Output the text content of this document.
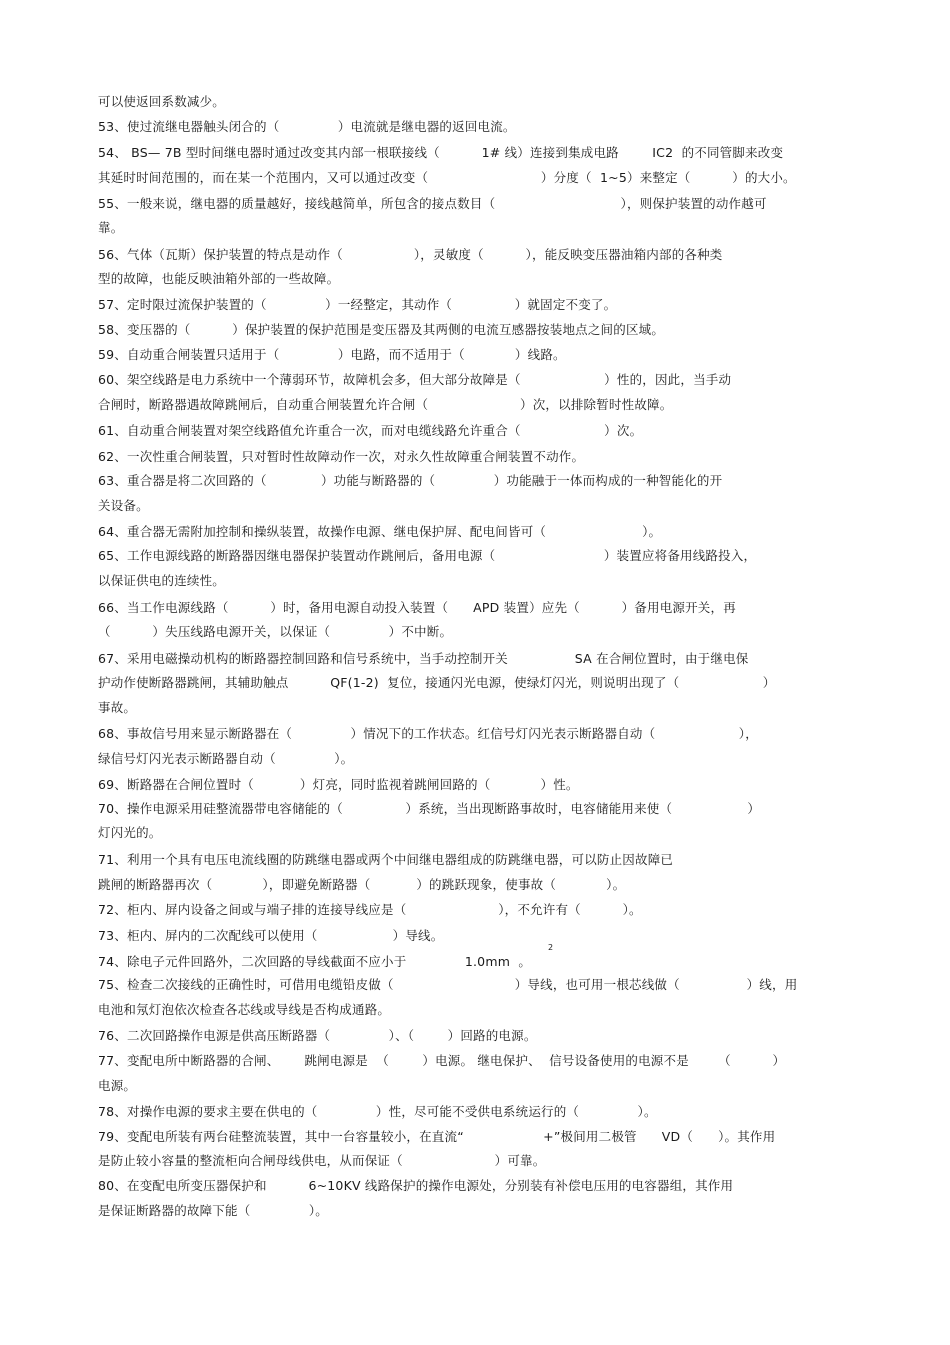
可以使返回系数减少。
53、使过流继电器触头闭合的（              ）电流就是继电器的返回电流。
54、 BS— 7B 型时间继电器时通过改变其内部一根联接线（          1# 线）连接到集成电路        IC2  的不同管脚来改变
其延时时间范围的，而在某一个范围内，又可以通过改变（                           ）分度（  1~5）来整定（          ）的大小。
55、一般来说，继电器的质量越好，接线越简单，所包含的接点数目（                              ），则保护装置的动作越可
靠。
56、气体（瓦斯）保护装置的特点是动作（                 ），灵敏度（          ），能反映变压器油箱内部的各种类
型的故障，也能反映油箱外部的一些故障。
57、定时限过流保护装置的（              ）一经整定，其动作（               ）就固定不变了。
58、变压器的（          ）保护装置的保护范围是变压器及其两侧的电流互感器按装地点之间的区域。
59、自动重合闸装置只适用于（              ）电路，而不适用于（            ）线路。
60、架空线路是电力系统中一个薄弱环节，故障机会多，但大部分故障是（                    ）性的，因此，当手动
合闸时，断路器遇故障跳闸后，自动重合闸装置允许合闸（                      ）次，以排除暂时性故障。
61、自动重合闸装置对架空线路值允许重合一次，而对电缆线路允许重合（                    ）次。
62、一次性重合闸装置，只对暂时性故障动作一次，对永久性故障重合闸装置不动作。
63、重合器是将二次回路的（             ）功能与断路器的（              ）功能融于一体而构成的一种智能化的开
关设备。
64、重合器无需附加控制和操纵装置，故操作电源、继电保护屏、配电间皆可（                       ）。
65、工作电源线路的断路器因继电器保护装置动作跳闸后，备用电源（                          ）装置应将备用线路投入，
以保证供电的连续性。
66、当工作电源线路（          ）时，备用电源自动投入装置（      APD 装置）应先（          ）备用电源开关，再
（          ）失压线路电源开关，以保证（              ）不中断。
67、采用电磁操动机构的断路器控制回路和信号系统中，当手动控制开关                SA 在合闸位置时，由于继电保
护动作使断路器跳闸，其辅助触点          QF(1-2)  复位，接通闪光电源，使绿灯闪光，则说明出现了（                    ）
事故。
68、事故信号用来显示断路器在（              ）情况下的工作状态。红信号灯闪光表示断路器自动（                    ），
绿信号灯闪光表示断路器自动（              ）。
69、断路器在合闸位置时（           ）灯亮，同时监视着跳闸回路的（            ）性。
70、操作电源采用硅整流器带电容储能的（               ）系统，当出现断路事故时，电容储能用来使（                  ）
灯闪光的。
71、利用一个具有电压电流线圈的防跳继电器或两个中间继电器组成的防跳继电器，可以防止因故障已
跳闸的断路器再次（            ），即避免断路器（           ）的跳跃现象，使事故（            ）。
72、柜内、屏内设备之间或与端子排的连接导线应是（                      ），不允许有（          ）。
73、柜内、屏内的二次配线可以使用（                  ）导线。
74、除电子元件回路外，二次回路的导线截面不应小于              1.0mm  。
2
75、检查二次接线的正确性时，可借用电缆铅皮做（                             ）导线，也可用一根芯线做（                ）线，用
电池和氖灯泡依次检查各芯线或导线是否构成通路。
76、二次回路操作电源是供高压断路器（              ）、（        ）回路的电源。
77、变配电所中断路器的合闸、      跳闸电源是  （        ）电源。 继电保护、  信号设备使用的电源不是       （          ）
电源。
78、对操作电源的要求主要在供电的（              ）性，尽可能不受供电系统运行的（              ）。
79、变配电所装有两台硅整流装置，其中一台容量较小，在直流“                   +”极间用二极管      VD（      ）。其作用
是防止较小容量的整流柜向合闸母线供电，从而保证（                      ）可靠。
80、在变配电所变压器保护和          6~10KV 线路保护的操作电源处，分别装有补偿电压用的电容器组，其作用
是保证断路器的故障下能（              ）。
